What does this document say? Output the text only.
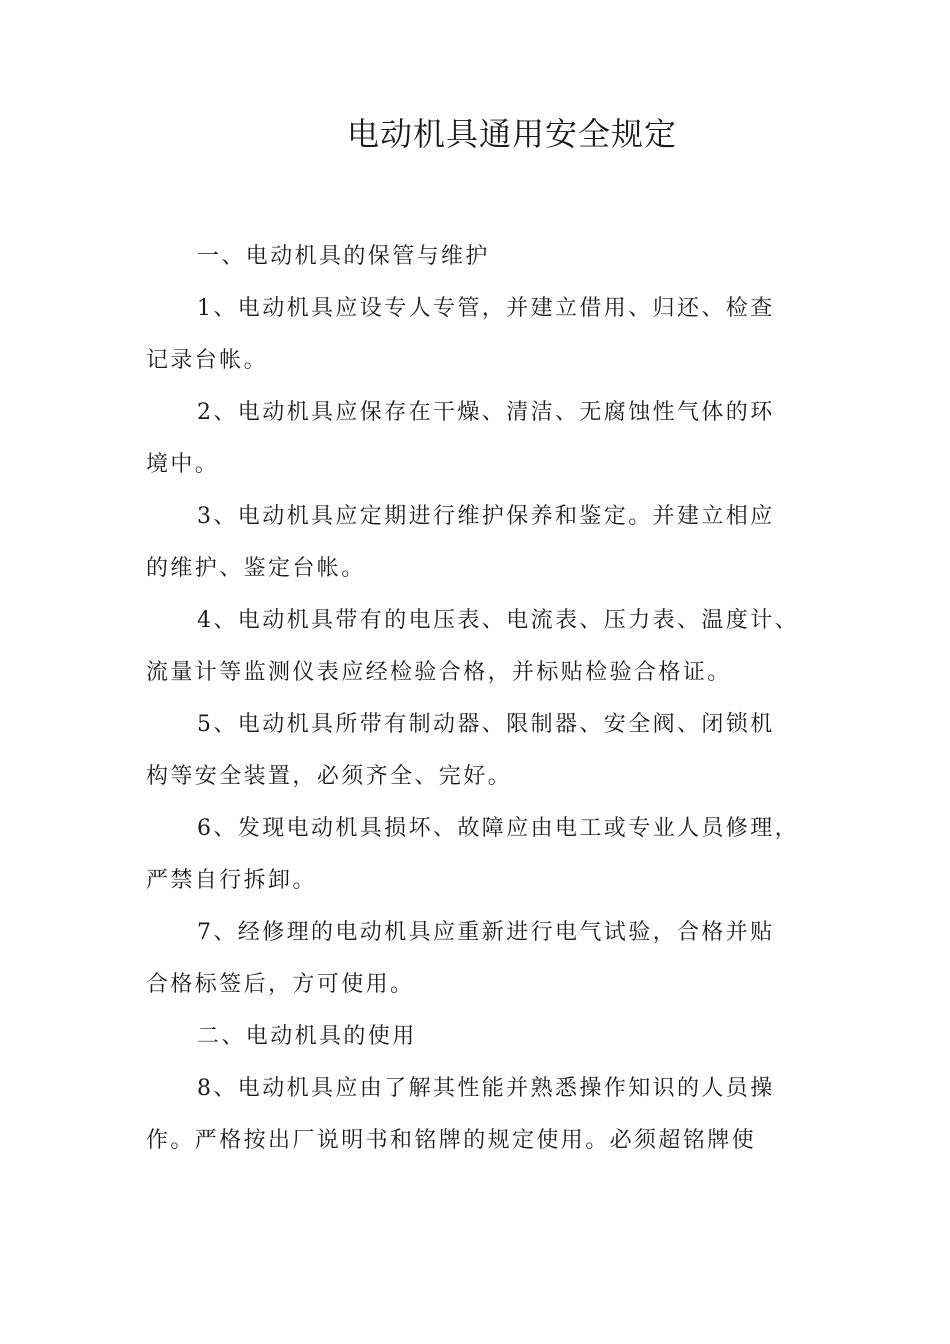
电动机具通用安全规定
一、电动机具的保管与维护
1、电动机具应设专人专管，并建立借用、归还、检查
记录台帐。
2、电动机具应保存在干燥、清洁、无腐蚀性气体的环
境中。
3、电动机具应定期进行维护保养和鉴定。并建立相应
的维护、鉴定台帐。
4、电动机具带有的电压表、电流表、压力表、温度计、
流量计等监测仪表应经检验合格，并标贴检验合格证。
5、电动机具所带有制动器、限制器、安全阀、闭锁机
构等安全装置，必须齐全、完好。
6、发现电动机具损坏、故障应由电工或专业人员修理，
严禁自行拆卸。
7、经修理的电动机具应重新进行电气试验，合格并贴
合格标签后，方可使用。
二、电动机具的使用
8、电动机具应由了解其性能并熟悉操作知识的人员操
作。严格按出厂说明书和铭牌的规定使用。必须超铭牌使
